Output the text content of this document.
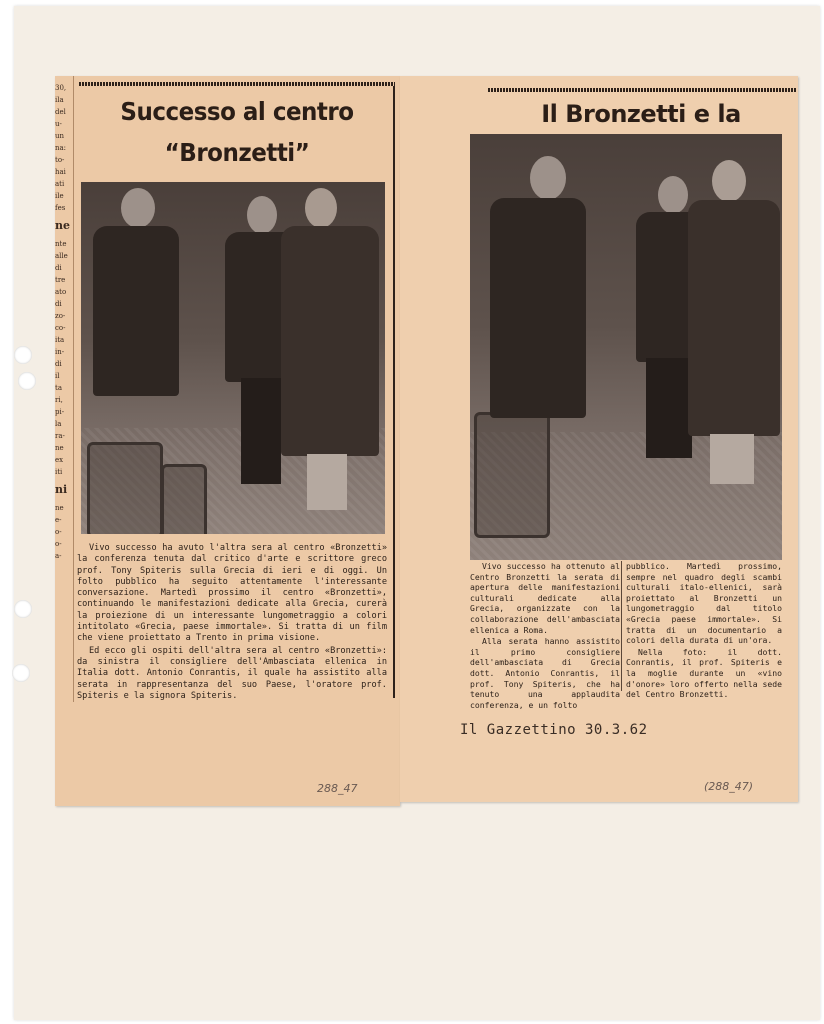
30,
ila
del
u-
un
na:
to-
hai
ati
ile
fes
ne
nte
alle
di
tre
ato
di
zo-
co-
ita
in-
di
il
ta
ri,
pi-
la
ra-
ne
ex
iti
ni
ne
e-
o-
o-
a-
Successo al centro “Bronzetti”

Vivo successo ha avuto l'altra sera al centro «Bronzetti» la conferenza tenuta dal critico d'arte e scrittore greco prof. Tony Spiteris sulla Grecia di ieri e di oggi. Un folto pubblico ha seguito attentamente l'interessante conversazione. Martedì prossimo il centro «Bronzetti», continuando le manifestazioni dedicate alla Grecia, curerà la proiezione di un interessante lungometraggio a colori intitolato «Grecia, paese immortale». Si tratta di un film che viene proiettato a Trento in prima visione.

Ed ecco gli ospiti dell'altra sera al centro «Bronzetti»: da sinistra il consigliere dell'Ambasciata ellenica in Italia dott. Antonio Conrantis, il quale ha assistito alla serata in rappresentanza del suo Paese, l'oratore prof. Spiteris e la signora Spiteris.

288_47

Il Bronzetti e la

Vivo successo ha ottenuto al Centro Bronzetti la serata di apertura delle manifestazioni culturali dedicate alla Grecia, organizzate con la collaborazione dell'ambasciata ellenica a Roma.

Alla serata hanno assistito il primo consigliere dell'ambasciata di Grecia dott. Antonio Conrantis, il prof. Tony Spiteris, che ha tenuto una applaudita conferenza, e un folto

pubblico. Martedì prossimo, sempre nel quadro degli scambi culturali italo-ellenici, sarà proiettato al Bronzetti un lungometraggio dal titolo «Grecia paese immortale». Si tratta di un documentario a colori della durata di un'ora.

Nella foto: il dott. Conrantis, il prof. Spiteris e la moglie durante un «vino d'onore» loro offerto nella sede del Centro Bronzetti.

Il Gazzettino 30.3.62

(288_47)
